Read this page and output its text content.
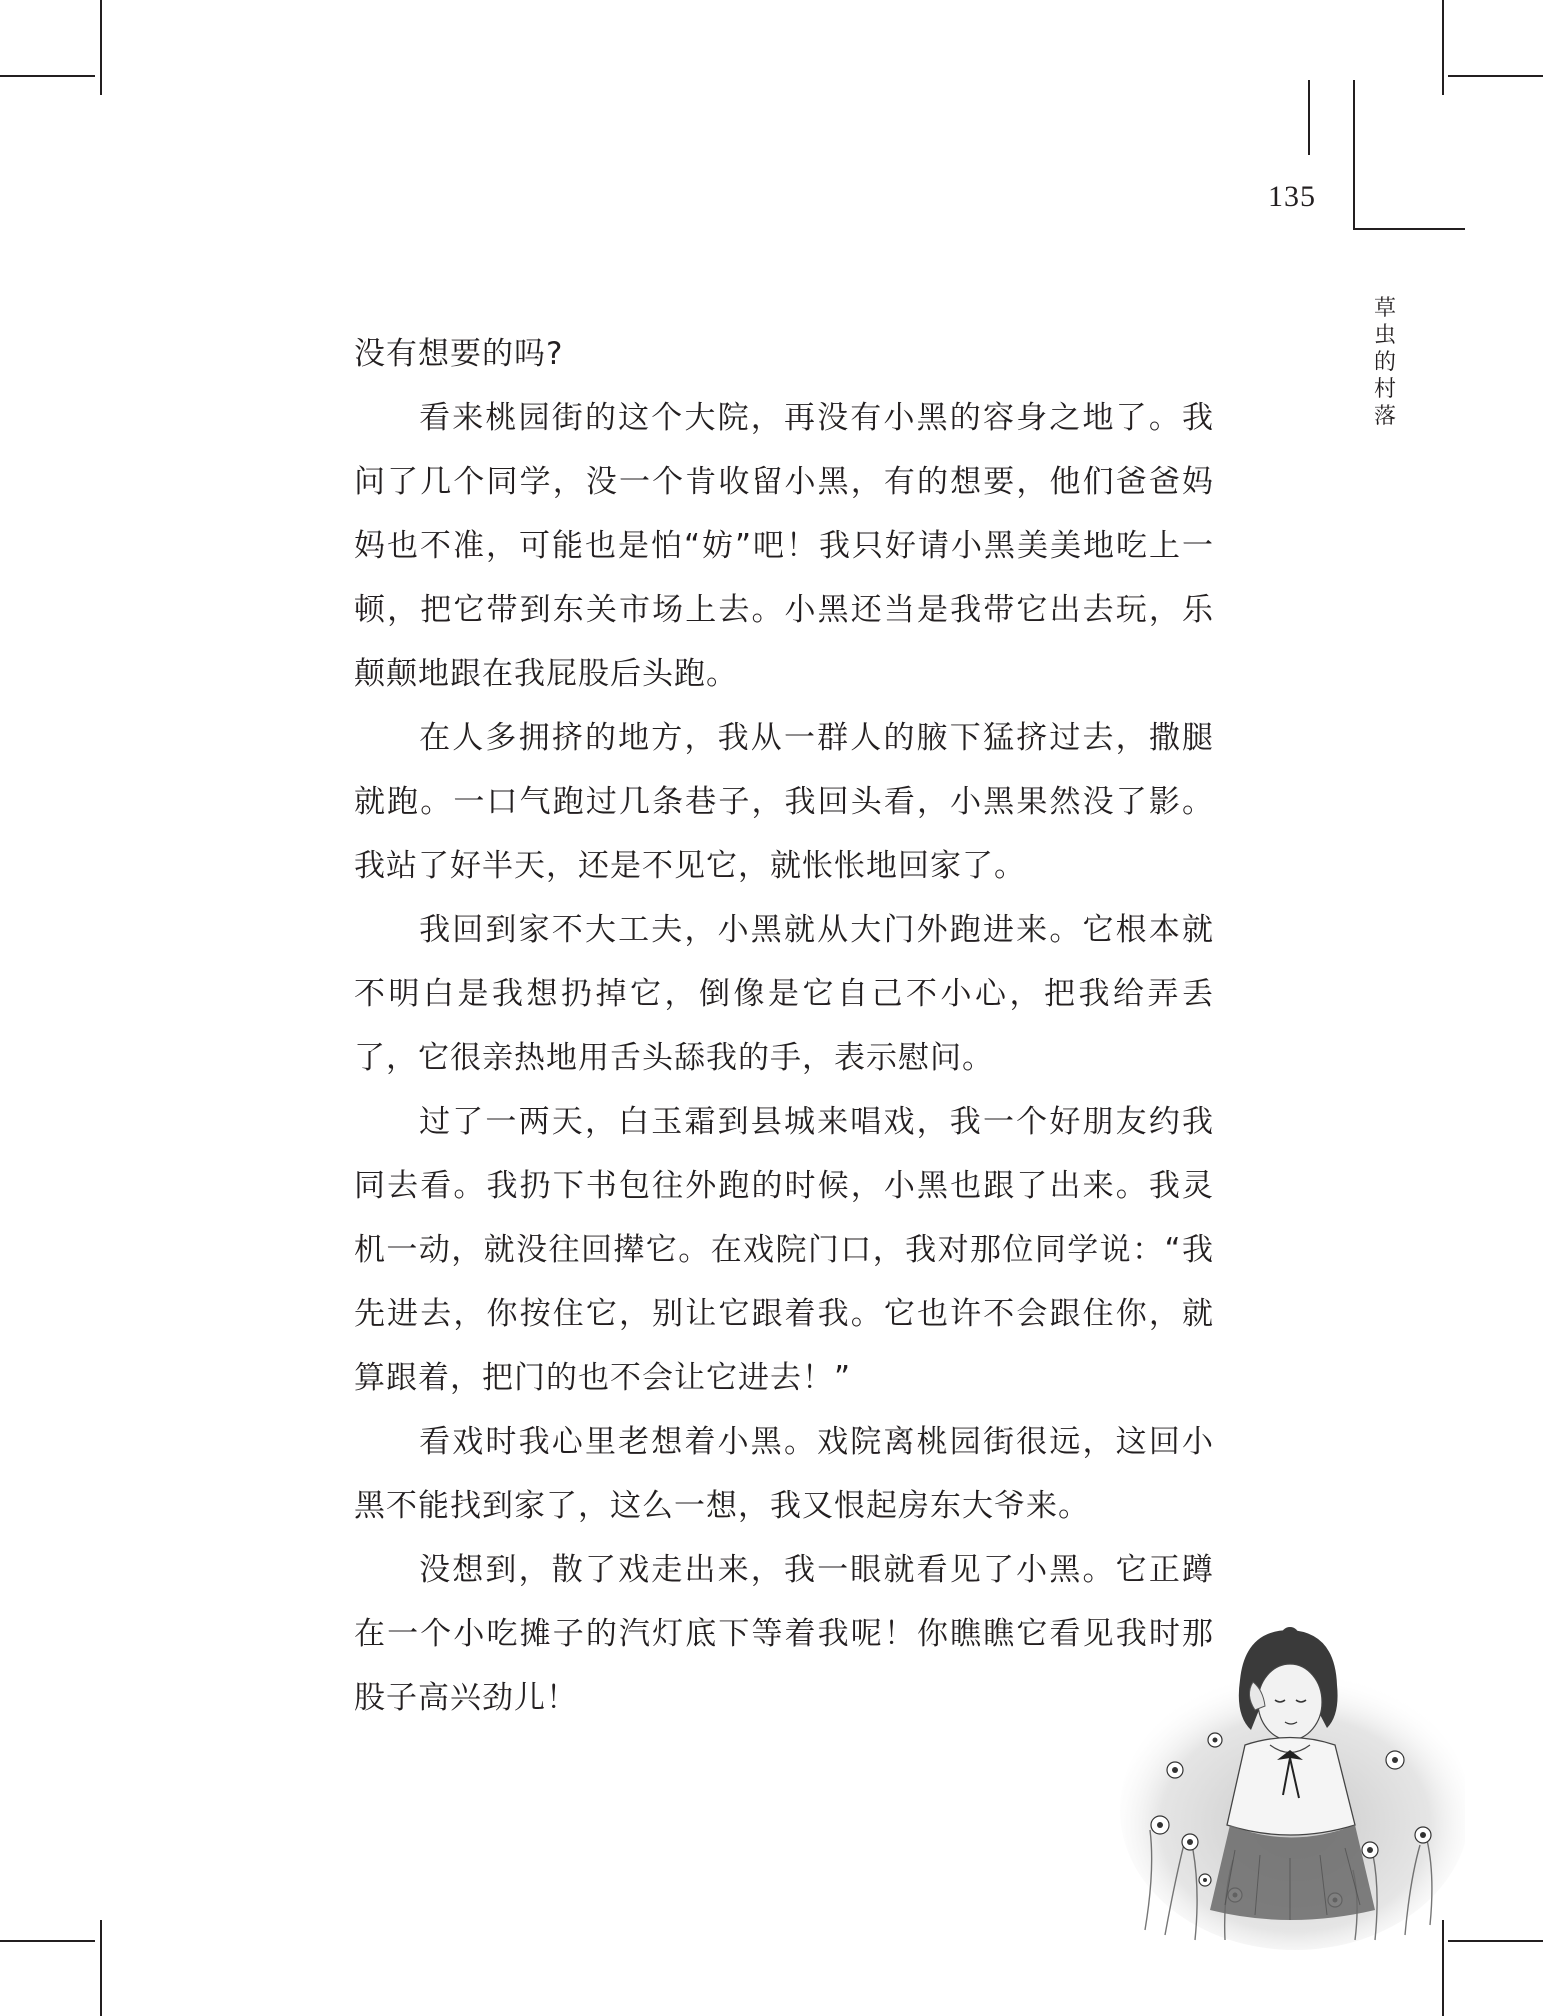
135
草虫的村落

没有想要的吗?

看来桃园街的这个大院，再没有小黑的容身之地了。我问了几个同学，没一个肯收留小黑，有的想要，他们爸爸妈妈也不准，可能也是怕“妨”吧！我只好请小黑美美地吃上一顿，把它带到东关市场上去。小黑还当是我带它出去玩，乐颠颠地跟在我屁股后头跑。

在人多拥挤的地方，我从一群人的腋下猛挤过去，撒腿就跑。一口气跑过几条巷子，我回头看，小黑果然没了影。我站了好半天，还是不见它，就怅怅地回家了。

我回到家不大工夫，小黑就从大门外跑进来。它根本就不明白是我想扔掉它，倒像是它自己不小心，把我给弄丢了，它很亲热地用舌头舔我的手，表示慰问。

过了一两天，白玉霜到县城来唱戏，我一个好朋友约我同去看。我扔下书包往外跑的时候，小黑也跟了出来。我灵机一动，就没往回撵它。在戏院门口，我对那位同学说：“我先进去，你按住它，别让它跟着我。它也许不会跟住你，就算跟着，把门的也不会让它进去！”

看戏时我心里老想着小黑。戏院离桃园街很远，这回小黑不能找到家了，这么一想，我又恨起房东大爷来。

没想到，散了戏走出来，我一眼就看见了小黑。它正蹲在一个小吃摊子的汽灯底下等着我呢！你瞧瞧它看见我时那股子高兴劲儿！
